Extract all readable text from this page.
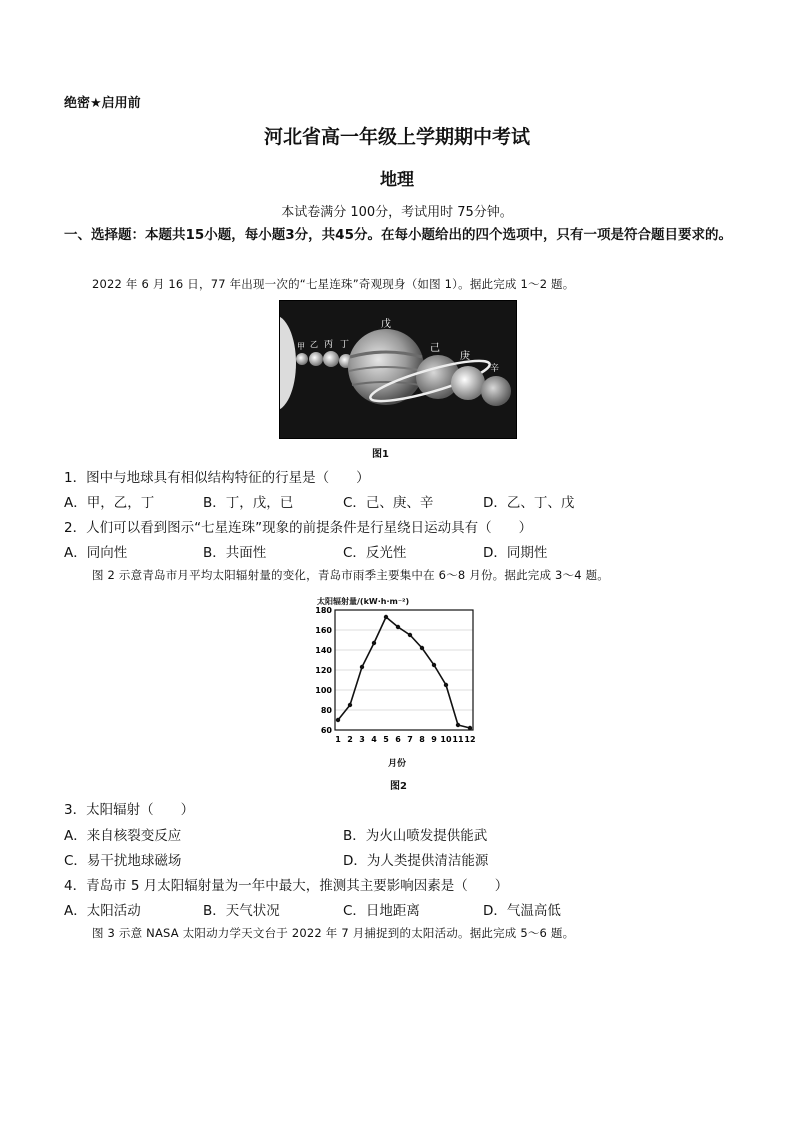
绝密★启用前
河北省高一年级上学期期中考试
地理
本试卷满分 100分，考试用时 75分钟。
一、选择题：本题共15小题，每小题3分，共45分。在每小题给出的四个选项中，只有一项是符合题目要求的。
2022 年 6 月 16 日，77 年出现一次的“七星连珠”奇观现身（如图 1）。据此完成 1～2 题。
甲 乙 丙 丁
戊
己
庚
辛
图1
1．图中与地球具有相似结构特征的行星是（　　）
A．甲，乙，丁	B．丁，戊，已	C．己、庚、辛	D．乙、丁、戊
2．人们可以看到图示“七星连珠”现象的前提条件是行星绕日运动具有（　　）
A．同向性	B．共面性	C．反光性	D．同期性
图 2 示意青岛市月平均太阳辐射量的变化，青岛市雨季主要集中在 6～8 月份。据此完成 3～4 题。
太阳辐射量/(kW·h·m⁻²)
60
80
100
120
140
160
180
1 2 3 4 5 6 7 8 9 10 11 12
月份
图2
3．太阳辐射（　　）
A．来自核裂变反应	B．为火山喷发提供能武
C．易干扰地球磁场	D．为人类提供清洁能源
4．青岛市 5 月太阳辐射量为一年中最大，推测其主要影响因素是（　　）
A．太阳活动	B．天气状况	C．日地距离	D．气温高低
图 3 示意 NASA 太阳动力学天文台于 2022 年 7 月捕捉到的太阳活动。据此完成 5～6 题。
